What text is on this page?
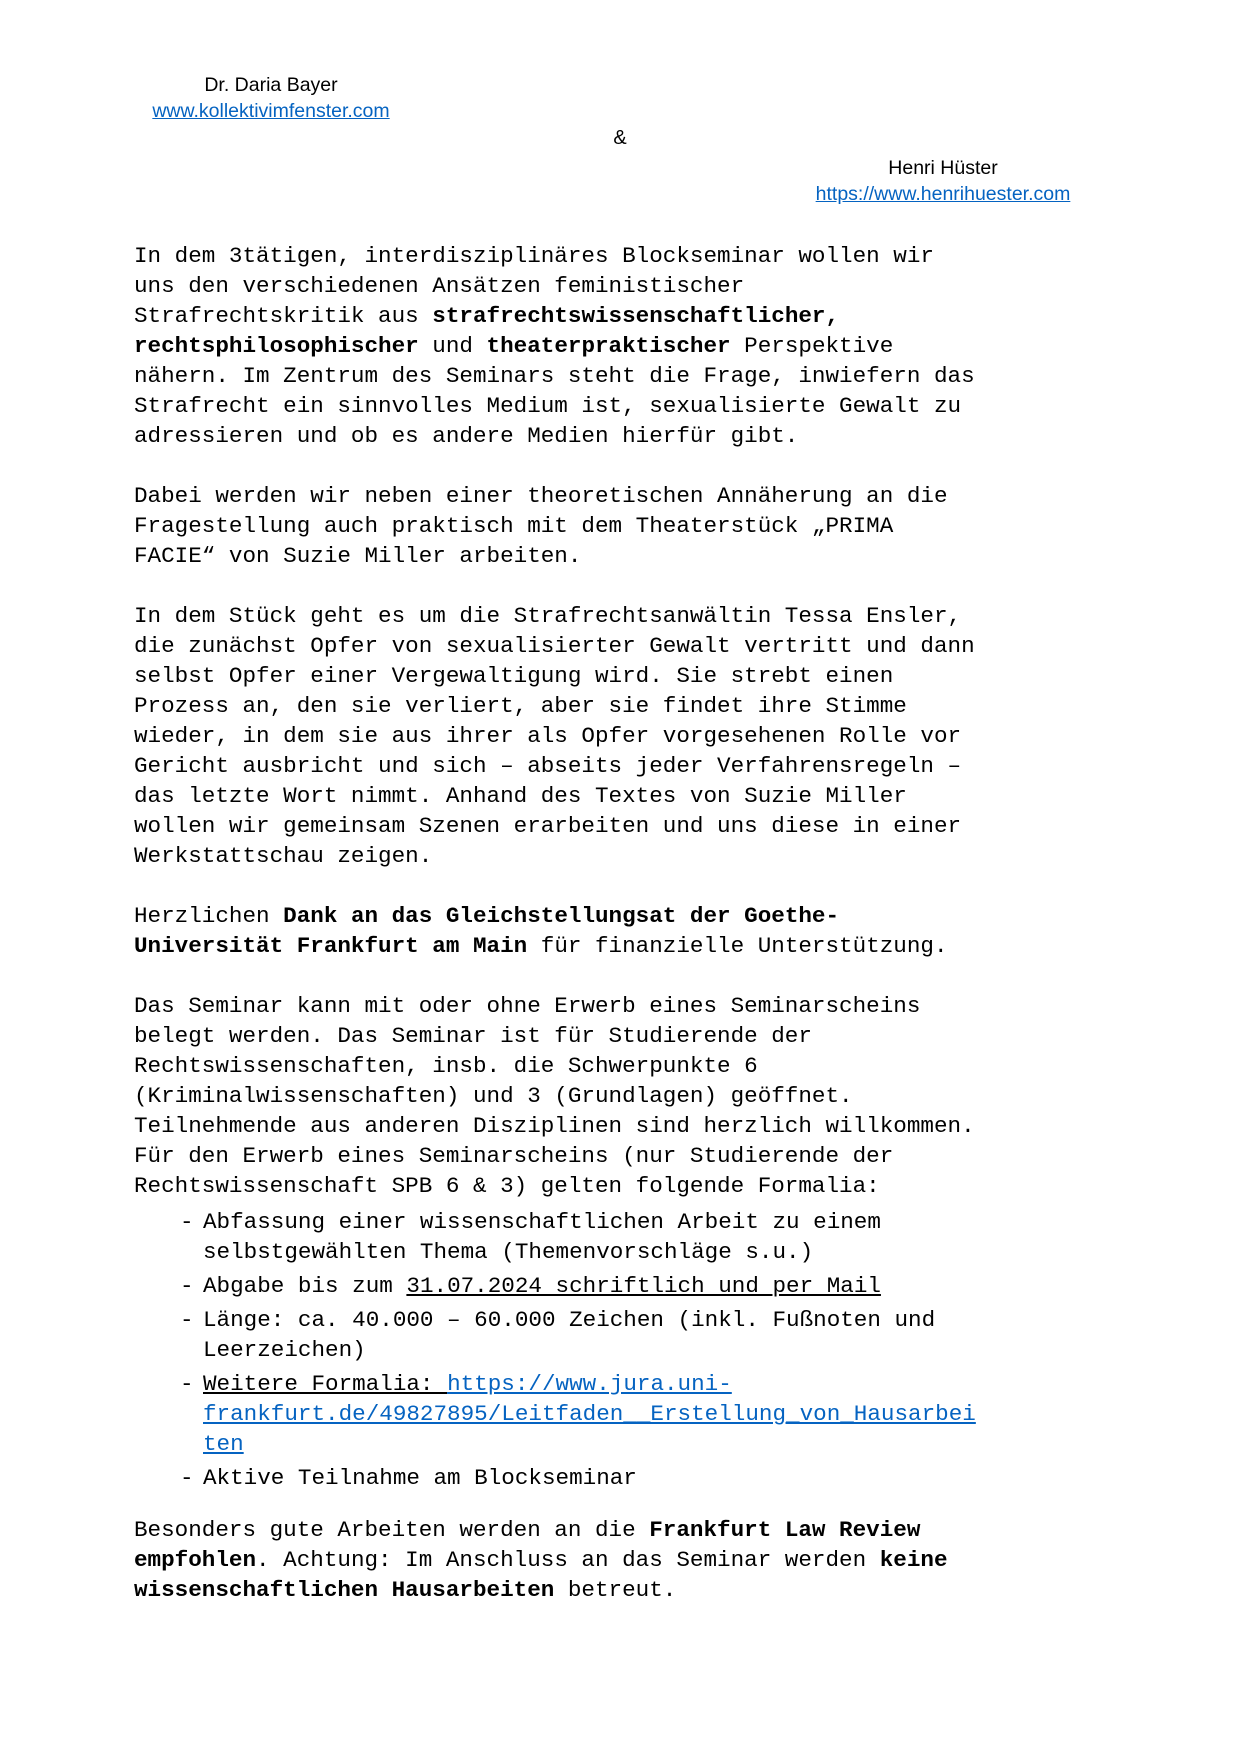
Dr. Daria Bayer
www.kollektivimfenster.com
&
Henri Hüster
https://www.henrihuester.com
In dem 3tätigen, interdisziplinäres Blockseminar wollen wir
uns den verschiedenen Ansätzen feministischer
Strafrechtskritik aus strafrechtswissenschaftlicher,
rechtsphilosophischer und theaterpraktischer Perspektive
nähern. Im Zentrum des Seminars steht die Frage, inwiefern das
Strafrecht ein sinnvolles Medium ist, sexualisierte Gewalt zu
adressieren und ob es andere Medien hierfür gibt.
Dabei werden wir neben einer theoretischen Annäherung an die
Fragestellung auch praktisch mit dem Theaterstück „PRIMA
FACIE“ von Suzie Miller arbeiten.
In dem Stück geht es um die Strafrechtsanwältin Tessa Ensler,
die zunächst Opfer von sexualisierter Gewalt vertritt und dann
selbst Opfer einer Vergewaltigung wird. Sie strebt einen
Prozess an, den sie verliert, aber sie findet ihre Stimme
wieder, in dem sie aus ihrer als Opfer vorgesehenen Rolle vor
Gericht ausbricht und sich – abseits jeder Verfahrensregeln –
das letzte Wort nimmt. Anhand des Textes von Suzie Miller
wollen wir gemeinsam Szenen erarbeiten und uns diese in einer
Werkstattschau zeigen.
Herzlichen Dank an das Gleichstellungsat der Goethe-
Universität Frankfurt am Main für finanzielle Unterstützung.
Das Seminar kann mit oder ohne Erwerb eines Seminarscheins
belegt werden. Das Seminar ist für Studierende der
Rechtswissenschaften, insb. die Schwerpunkte 6
(Kriminalwissenschaften) und 3 (Grundlagen) geöffnet.
Teilnehmende aus anderen Disziplinen sind herzlich willkommen.
Für den Erwerb eines Seminarscheins (nur Studierende der
Rechtswissenschaft SPB 6 & 3) gelten folgende Formalia:
- Abfassung einer wissenschaftlichen Arbeit zu einem
selbstgewählten Thema (Themenvorschläge s.u.)
- Abgabe bis zum 31.07.2024 schriftlich und per Mail
- Länge: ca. 40.000 – 60.000 Zeichen (inkl. Fußnoten und
Leerzeichen)
- Weitere Formalia: https://www.jura.uni-
frankfurt.de/49827895/Leitfaden__Erstellung_von_Hausarbei
ten
- Aktive Teilnahme am Blockseminar
Besonders gute Arbeiten werden an die Frankfurt Law Review
empfohlen. Achtung: Im Anschluss an das Seminar werden keine
wissenschaftlichen Hausarbeiten betreut.
